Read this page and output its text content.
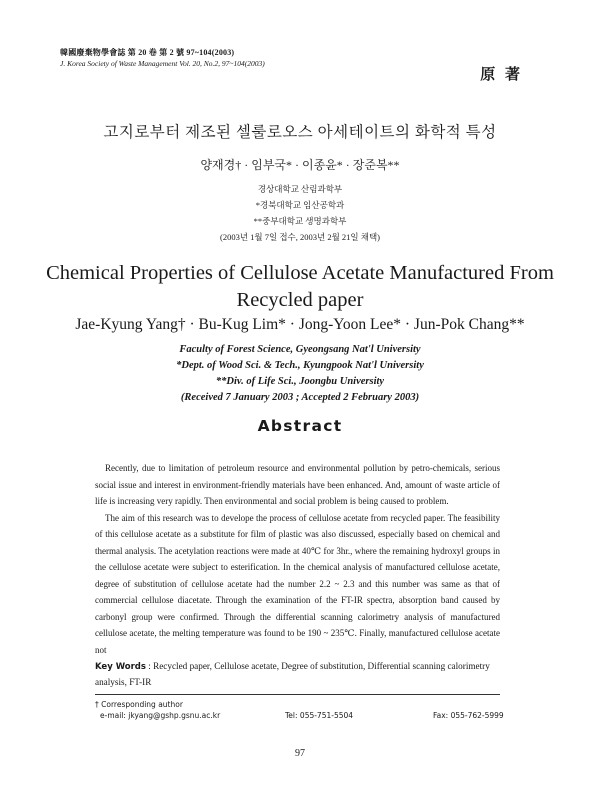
韓國廢棄物學會誌 第 20 卷 第 2 號 97~104(2003)
J. Korea Society of Waste Management Vol. 20, No.2, 97~104(2003)
原 著
고지로부터 제조된 셀룰로오스 아세테이트의 화학적 특성
양재경† · 임부국* · 이종윤* · 장준복**
경상대학교 산림과학부
*경북대학교 임산공학과
**중부대학교 생명과학부
(2003년 1월 7일 접수, 2003년 2월 21일 채택)
Chemical Properties of Cellulose Acetate Manufactured From Recycled paper
Jae-Kyung Yang† · Bu-Kug Lim* · Jong-Yoon Lee* · Jun-Pok Chang**
Faculty of Forest Science, Gyeongsang Nat'l University
*Dept. of Wood Sci. & Tech., Kyungpook Nat'l University
**Div. of Life Sci., Joongbu University
(Received 7 January 2003 ; Accepted 2 February 2003)
Abstract

Recently, due to limitation of petroleum resource and environmental pollution by petro-chemicals, serious social issue and interest in environment-friendly materials have been enhanced. And, amount of waste article of life is increasing very rapidly. Then environmental and social problem is being caused to problem.

The aim of this research was to develope the process of cellulose acetate from recycled paper. The feasibility of this cellulose acetate as a substitute for film of plastic was also discussed, especially based on chemical and thermal analysis. The acetylation reactions were made at 40℃ for 3hr., where the remaining hydroxyl groups in the cellulose acetate were subject to esterification. In the chemical analysis of manufactured cellulose acetate, degree of substitution of cellulose acetate had the number 2.2 ~ 2.3 and this number was same as that of commercial cellulose diacetate. Through the examination of the FT-IR spectra, absorption band caused by carbonyl group were confirmed. Through the differential scanning calorimetry analysis of manufactured cellulose acetate, the melting temperature was found to be 190 ~ 235℃. Finally, manufactured cellulose acetate not

Key Words : Recycled paper, Cellulose acetate, Degree of substitution, Differential scanning calorimetry analysis, FT-IR
† Corresponding author
e-mail: jkyang@gshp.gsnu.ac.kr	Tel: 055-751-5504	Fax: 055-762-5999
97
